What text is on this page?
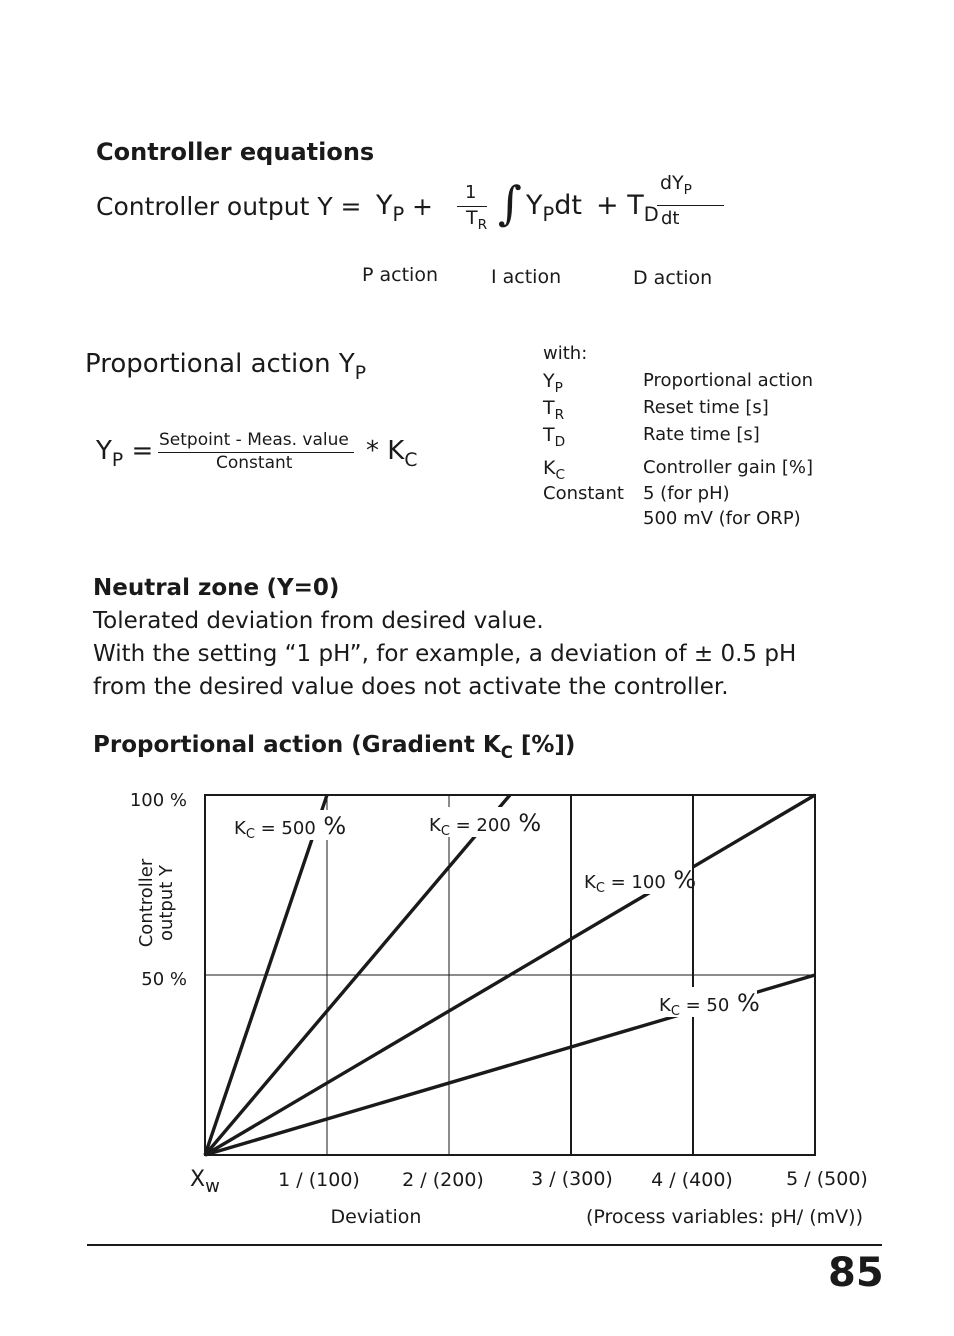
Controller equations
Controller output $Y = Y_P + 1$
$T_R$ ∫ $Y_Pdt + T_D$
$dY_P$
dt
P action	I action	D action
Proportional action $Y_P$
$Y_P$ = Setpoint - Meas. value
Constant	* $K_C$
with:
$Y_P$	Proportional action
$T_R$	Reset time [s]
$T_D$	Rate time [s]
$K_C$	Controller gain [%]
Constant 5 (for pH)
500 mV (for ORP)
Neutral zone (Y=0)
Tolerated deviation from desired value.
With the setting “1 pH”, for example, a deviation of ± 0.5 pH
from the desired value does not activate the controller.
Proportional action (Gradient $K_C$ [%])
$K_C = 500$ %	$K_C = 200$ %
$K_C = 100$ %
$K_C = 50$ %
100 %
50 %
Controlleroutput Y
$X_w$	1 / (100) 2 / (200) 3 / (300) 4 / (400)	5 / (500)
Deviation	(Process variables: pH/ (mV))
85
